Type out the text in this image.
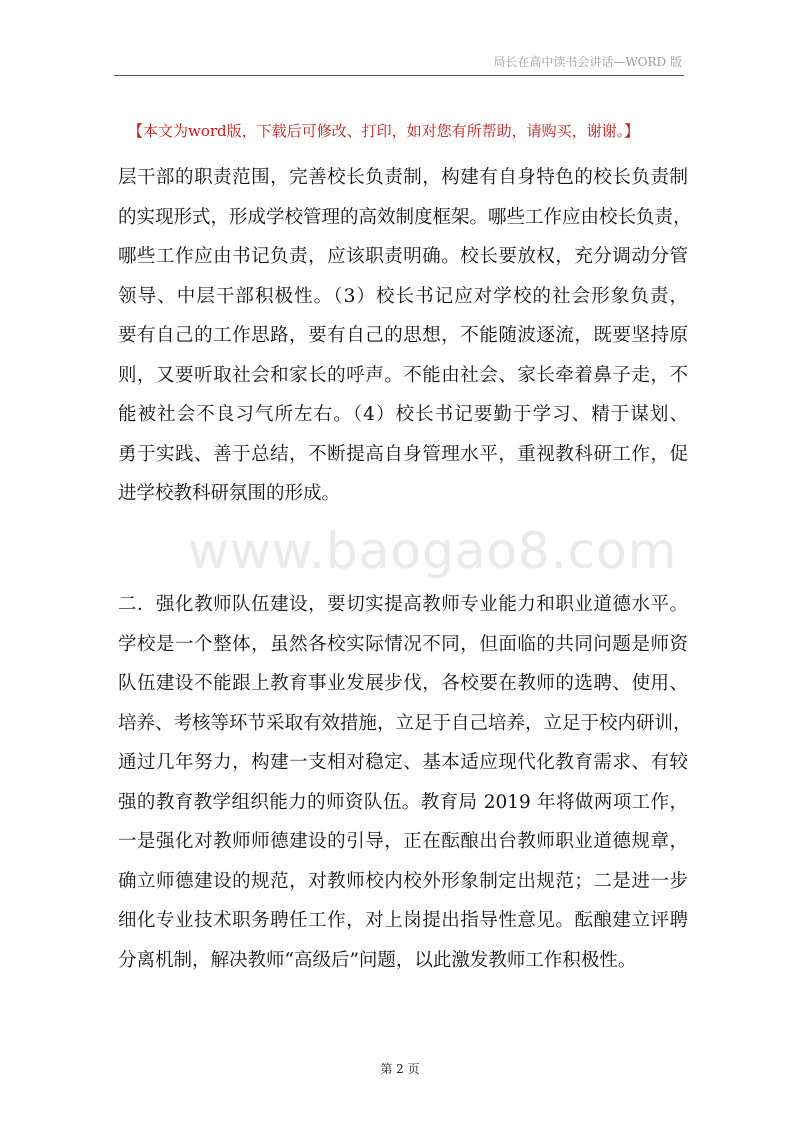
局长在高中读书会讲话—WORD 版
【本文为word版，下载后可修改、打印，如对您有所帮助，请购买，谢谢。】
www.baogao8.com
层干部的职责范围，完善校长负责制，构建有自身特色的校长负责制
的实现形式，形成学校管理的高效制度框架。哪些工作应由校长负责，
哪些工作应由书记负责，应该职责明确。校长要放权，充分调动分管
领导、中层干部积极性。（3）校长书记应对学校的社会形象负责，
要有自己的工作思路，要有自己的思想，不能随波逐流，既要坚持原
则，又要听取社会和家长的呼声。不能由社会、家长牵着鼻子走，不
能被社会不良习气所左右。（4）校长书记要勤于学习、精于谋划、
勇于实践、善于总结，不断提高自身管理水平，重视教科研工作，促
进学校教科研氛围的形成。
二．强化教师队伍建设，要切实提高教师专业能力和职业道德水平。
学校是一个整体，虽然各校实际情况不同，但面临的共同问题是师资
队伍建设不能跟上教育事业发展步伐，各校要在教师的选聘、使用、
培养、考核等环节采取有效措施，立足于自己培养，立足于校内研训，
通过几年努力，构建一支相对稳定、基本适应现代化教育需求、有较
强的教育教学组织能力的师资队伍。教育局 2019 年将做两项工作，
一是强化对教师师德建设的引导，正在酝酿出台教师职业道德规章，
确立师德建设的规范，对教师校内校外形象制定出规范；二是进一步
细化专业技术职务聘任工作，对上岗提出指导性意见。酝酿建立评聘
分离机制，解决教师“高级后”问题，以此激发教师工作积极性。
第 2 页
